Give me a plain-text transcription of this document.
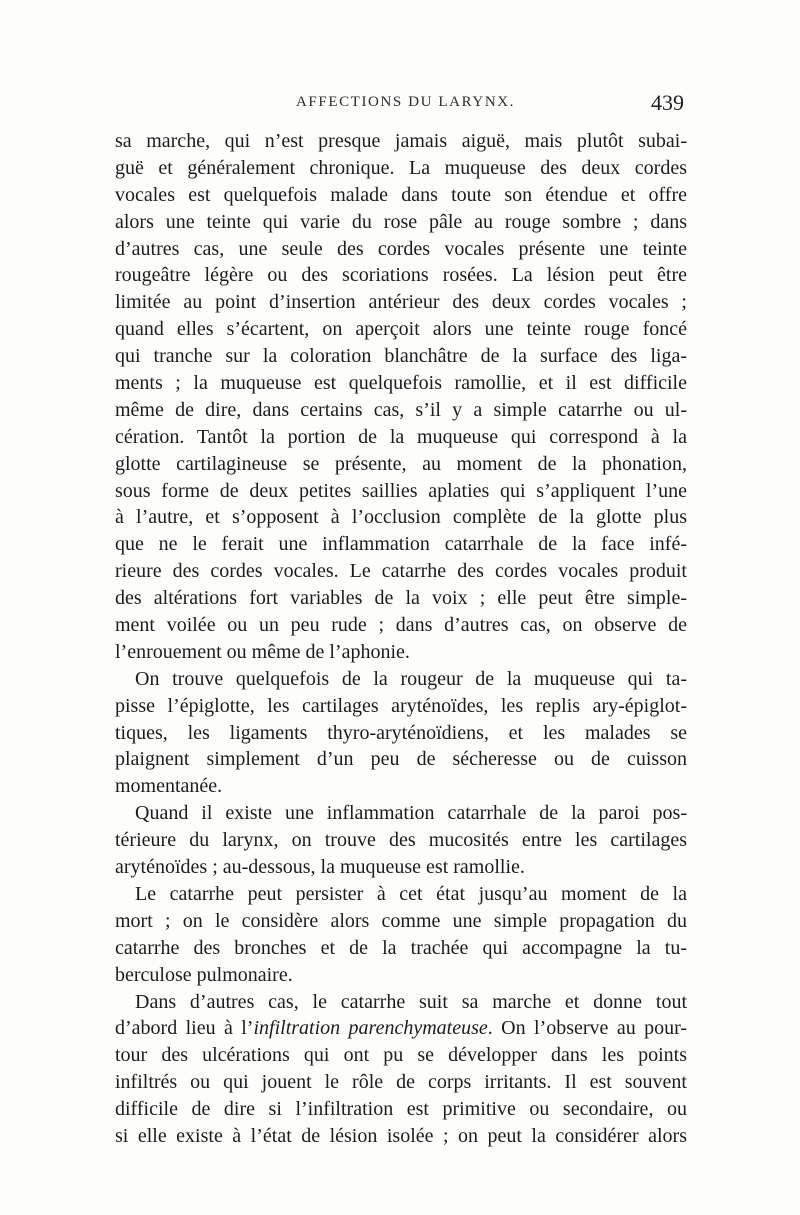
AFFECTIONS DU LARYNX.	439
sa marche, qui n’est presque jamais aiguë, mais plutôt subai-
guë et généralement chronique. La muqueuse des deux cordes
vocales est quelquefois malade dans toute son étendue et offre
alors une teinte qui varie du rose pâle au rouge sombre ; dans
d’autres cas, une seule des cordes vocales présente une teinte
rougeâtre légère ou des scoriations rosées. La lésion peut être
limitée au point d’insertion antérieur des deux cordes vocales ;
quand elles s’écartent, on aperçoit alors une teinte rouge foncé
qui tranche sur la coloration blanchâtre de la surface des liga-
ments ; la muqueuse est quelquefois ramollie, et il est difficile
même de dire, dans certains cas, s’il y a simple catarrhe ou ul-
cération. Tantôt la portion de la muqueuse qui correspond à la
glotte cartilagineuse se présente, au moment de la phonation,
sous forme de deux petites saillies aplaties qui s’appliquent l’une
à l’autre, et s’opposent à l’occlusion complète de la glotte plus
que ne le ferait une inflammation catarrhale de la face infé-
rieure des cordes vocales. Le catarrhe des cordes vocales produit
des altérations fort variables de la voix ; elle peut être simple-
ment voilée ou un peu rude ; dans d’autres cas, on observe de
l’enrouement ou même de l’aphonie.
On trouve quelquefois de la rougeur de la muqueuse qui ta-
pisse l’épiglotte, les cartilages aryténoïdes, les replis ary-épiglot-
tiques, les ligaments thyro-aryténoïdiens, et les malades se
plaignent simplement d’un peu de sécheresse ou de cuisson
momentanée.
Quand il existe une inflammation catarrhale de la paroi pos-
térieure du larynx, on trouve des mucosités entre les cartilages
aryténoïdes ; au-dessous, la muqueuse est ramollie.
Le catarrhe peut persister à cet état jusqu’au moment de la
mort ; on le considère alors comme une simple propagation du
catarrhe des bronches et de la trachée qui accompagne la tu-
berculose pulmonaire.
Dans d’autres cas, le catarrhe suit sa marche et donne tout
d’abord lieu à l’infiltration parenchymateuse. On l’observe au pour-
tour des ulcérations qui ont pu se développer dans les points
infiltrés ou qui jouent le rôle de corps irritants. Il est souvent
difficile de dire si l’infiltration est primitive ou secondaire, ou
si elle existe à l’état de lésion isolée ; on peut la considérer alors
